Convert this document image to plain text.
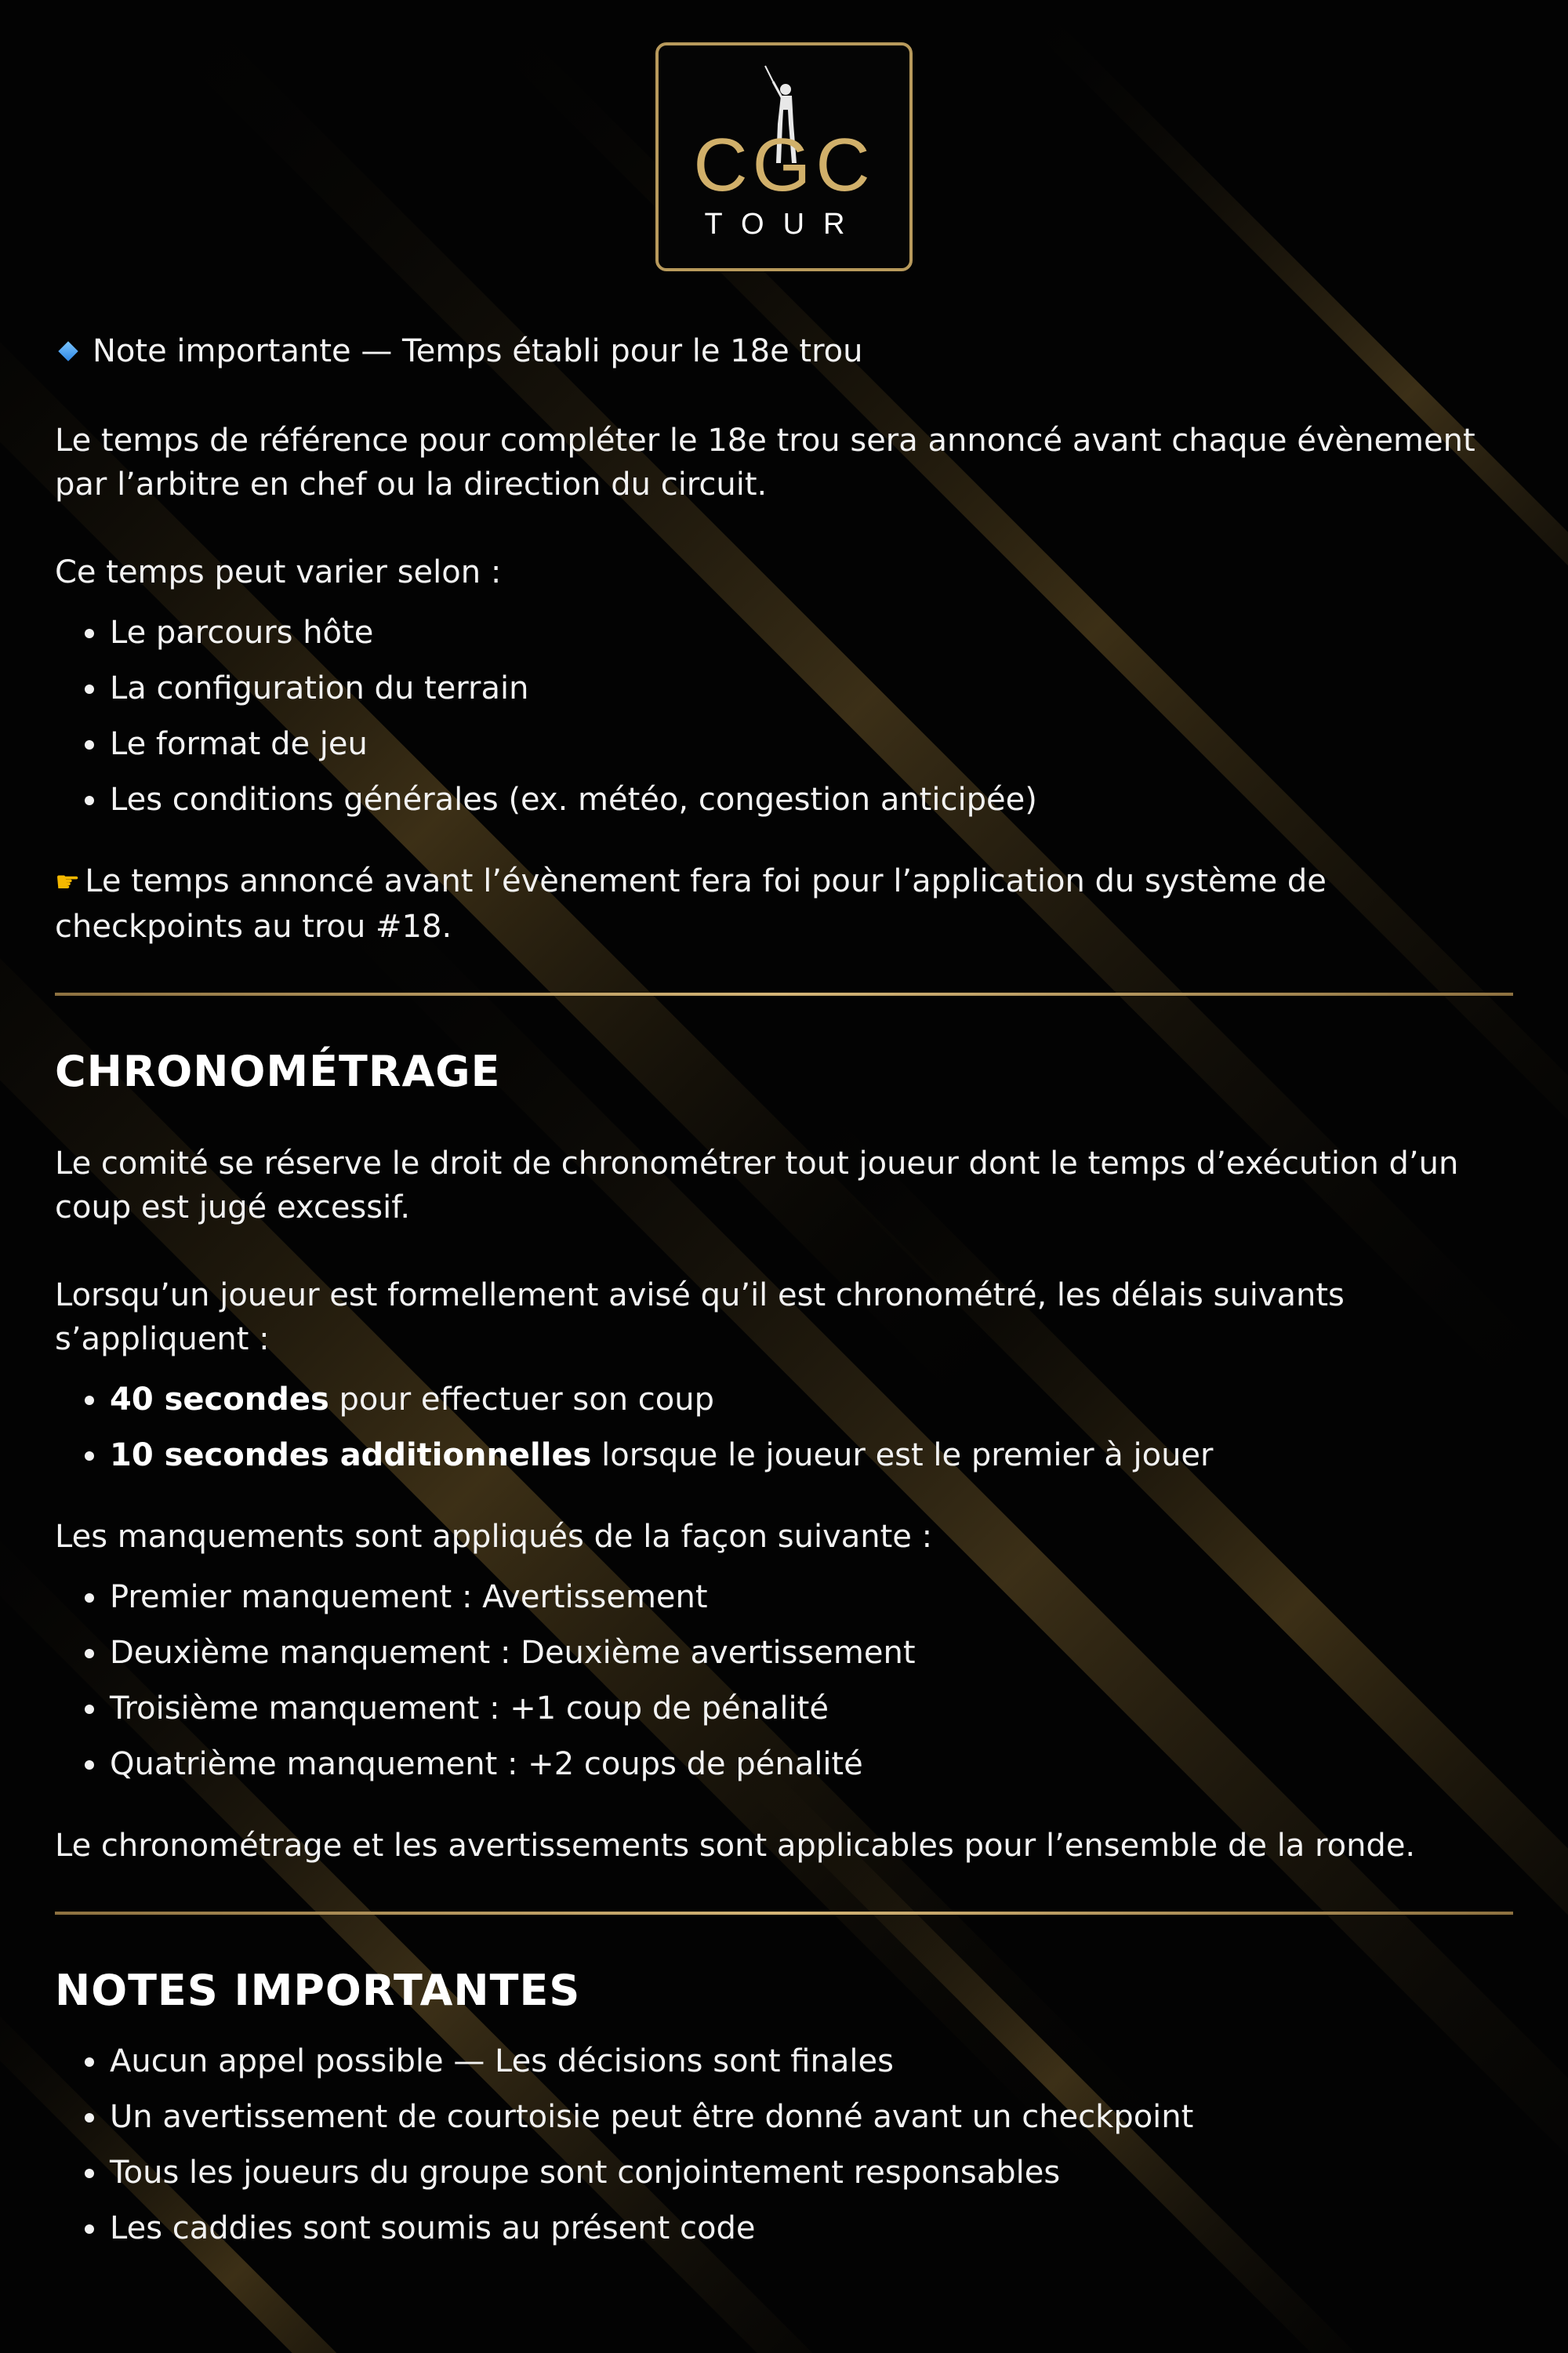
CGC
TOUR
Note importante — Temps établi pour le 18e trou

Le temps de référence pour compléter le 18e trou sera annoncé avant chaque évènement par l’arbitre en chef ou la direction du circuit.

Ce temps peut varier selon :

Le parcours hôte
La configuration du terrain
Le format de jeu
Les conditions générales (ex. météo, congestion anticipée)

☛ Le temps annoncé avant l’évènement fera foi pour l’application du système de checkpoints au trou #18.

CHRONOMÉTRAGE

Le comité se réserve le droit de chronométrer tout joueur dont le temps d’exécution d’un coup est jugé excessif.

Lorsqu’un joueur est formellement avisé qu’il est chronométré, les délais suivants s’appliquent :

40 secondes pour effectuer son coup
10 secondes additionnelles lorsque le joueur est le premier à jouer

Les manquements sont appliqués de la façon suivante :

Premier manquement : Avertissement
Deuxième manquement : Deuxième avertissement
Troisième manquement : +1 coup de pénalité
Quatrième manquement : +2 coups de pénalité

Le chronométrage et les avertissements sont applicables pour l’ensemble de la ronde.

NOTES IMPORTANTES
Aucun appel possible — Les décisions sont finales
Un avertissement de courtoisie peut être donné avant un checkpoint
Tous les joueurs du groupe sont conjointement responsables
Les caddies sont soumis au présent code
